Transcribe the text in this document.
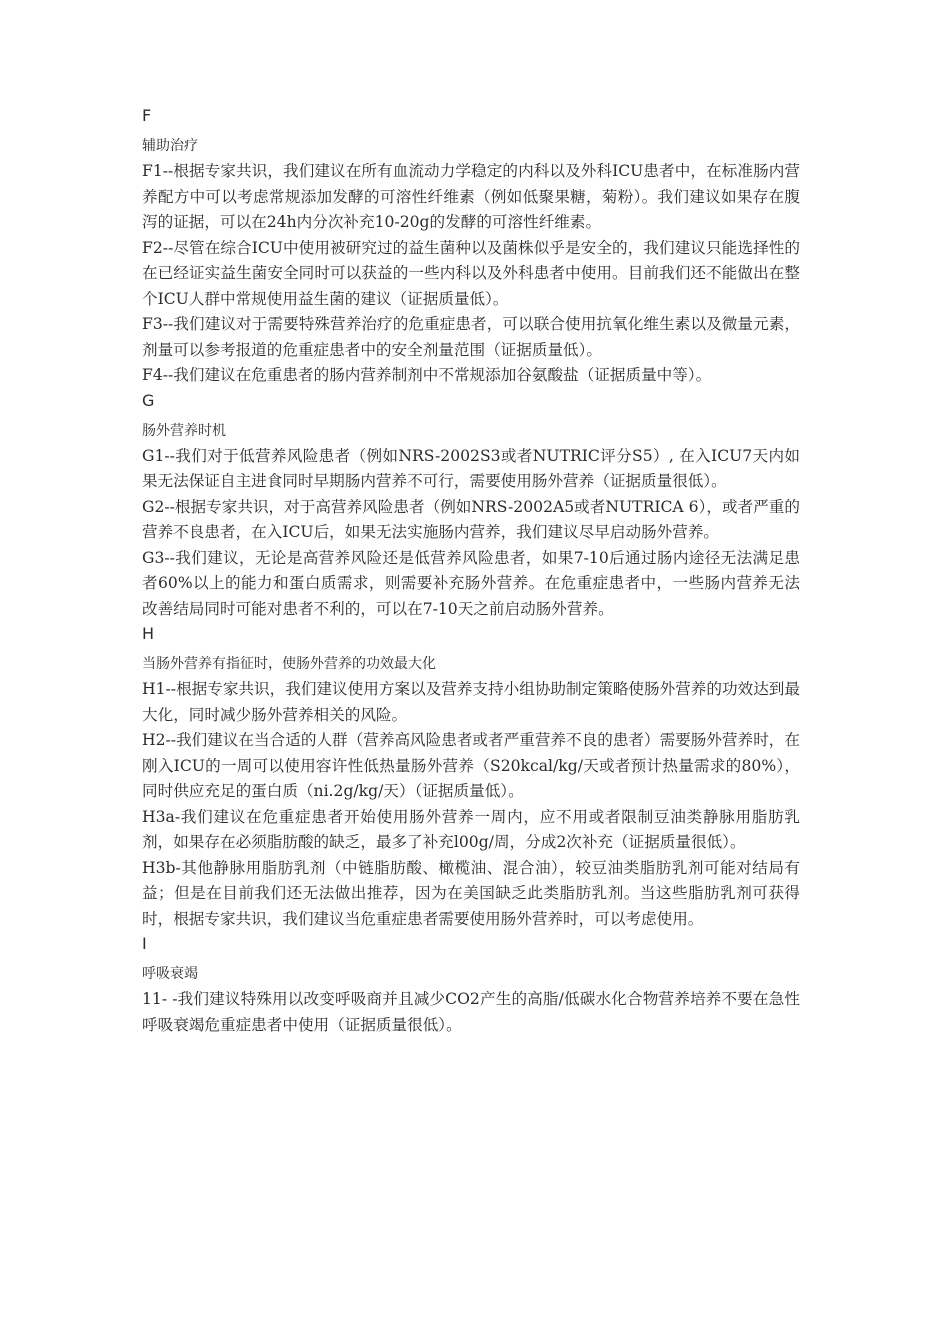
F
辅助治疗

F1--根据专家共识，我们建议在所有血流动力学稳定的内科以及外科ICU患者中，在标准肠内营养配方中可以考虑常规添加发酵的可溶性纤维素（例如低聚果糖，菊粉）。我们建议如果存在腹泻的证据，可以在24h内分次补充10-20g的发酵的可溶性纤维素。

F2--尽管在综合ICU中使用被研究过的益生菌种以及菌株似乎是安全的，我们建议只能选择性的在已经证实益生菌安全同时可以获益的一些内科以及外科患者中使用。目前我们还不能做出在整个ICU人群中常规使用益生菌的建议（证据质量低）。

F3--我们建议对于需要特殊营养治疗的危重症患者，可以联合使用抗氧化维生素以及微量元素，剂量可以参考报道的危重症患者中的安全剂量范围（证据质量低）。

F4--我们建议在危重患者的肠内营养制剂中不常规添加谷氨酸盐（证据质量中等）。

G
肠外营养时机

G1--我们对于低营养风险患者（例如NRS-2002S3或者NUTRIC评分S5）, 在入ICU7天内如果无法保证自主进食同时早期肠内营养不可行，需要使用肠外营养（证据质量很低）。

G2--根据专家共识，对于高营养风险患者（例如NRS-2002A5或者NUTRICA 6），或者严重的营养不良患者，在入ICU后，如果无法实施肠内营养，我们建议尽早启动肠外营养。

G3--我们建议，无论是高营养风险还是低营养风险患者，如果7-10后通过肠内途径无法满足患者60%以上的能力和蛋白质需求，则需要补充肠外营养。在危重症患者中，一些肠内营养无法改善结局同时可能对患者不利的，可以在7-10天之前启动肠外营养。

H
当肠外营养有指征时，使肠外营养的功效最大化

H1--根据专家共识，我们建议使用方案以及营养支持小组协助制定策略使肠外营养的功效达到最大化，同时减少肠外营养相关的风险。

H2--我们建议在当合适的人群（营养高风险患者或者严重营养不良的患者）需要肠外营养时，在刚入ICU的一周可以使用容许性低热量肠外营养（S20kcal/kg/天或者预计热量需求的80%），同时供应充足的蛋白质（ni.2g/kg/天）（证据质量低）。

H3a-我们建议在危重症患者开始使用肠外营养一周内，应不用或者限制豆油类静脉用脂肪乳剂，如果存在必须脂肪酸的缺乏，最多了补充l00g/周，分成2次补充（证据质量很低）。

H3b-其他静脉用脂肪乳剂（中链脂肪酸、橄榄油、混合油），较豆油类脂肪乳剂可能对结局有益；但是在目前我们还无法做出推荐，因为在美国缺乏此类脂肪乳剂。当这些脂肪乳剂可获得时，根据专家共识，我们建议当危重症患者需要使用肠外营养时，可以考虑使用。

I
呼吸衰竭

11- -我们建议特殊用以改变呼吸商并且减少CO2产生的高脂/低碳水化合物营养培养不要在急性呼吸衰竭危重症患者中使用（证据质量很低）。
